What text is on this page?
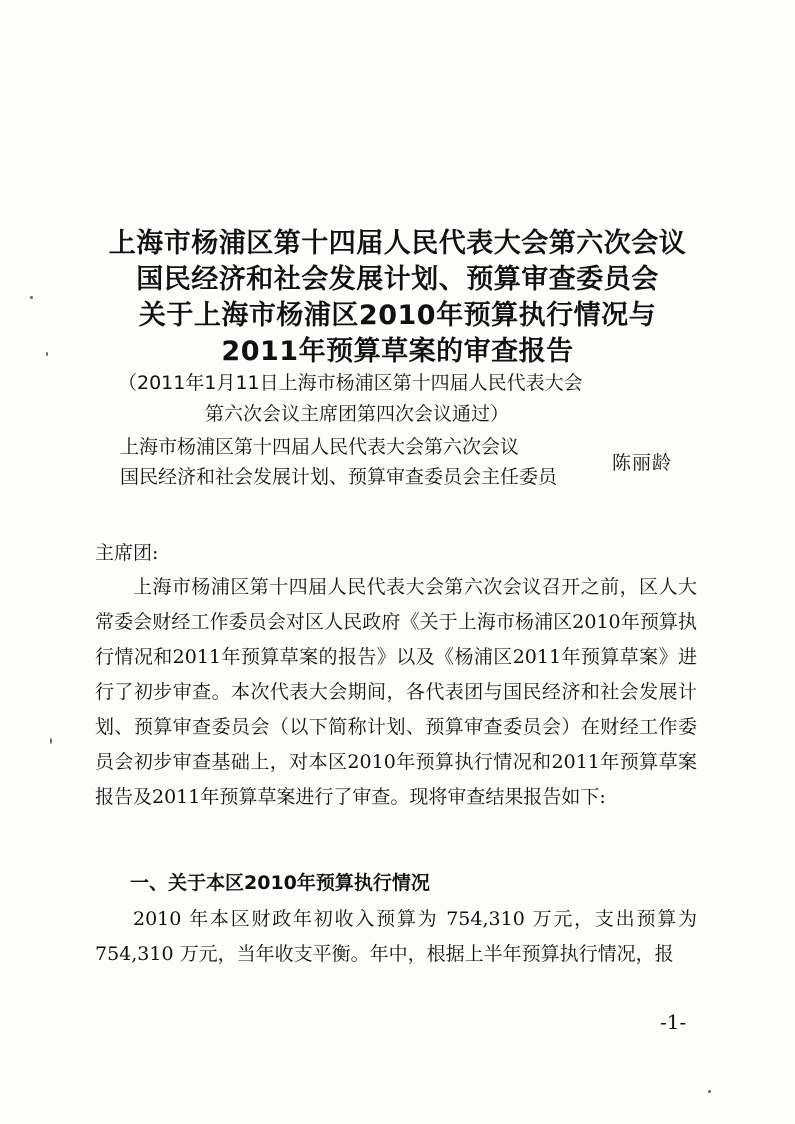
上海市杨浦区第十四届人民代表大会第六次会议
国民经济和社会发展计划、预算审查委员会
关于上海市杨浦区2010年预算执行情况与
2011年预算草案的审查报告
（2011年1月11日上海市杨浦区第十四届人民代表大会
第六次会议主席团第四次会议通过）
上海市杨浦区第十四届人民代表大会第六次会议
国民经济和社会发展计划、预算审查委员会主任委员
陈丽龄
主席团:
上海市杨浦区第十四届人民代表大会第六次会议召开之前，区人大常委会财经工作委员会对区人民政府《关于上海市杨浦区2010年预算执行情况和2011年预算草案的报告》以及《杨浦区2011年预算草案》进行了初步审查。本次代表大会期间，各代表团与国民经济和社会发展计划、预算审查委员会（以下简称计划、预算审查委员会）在财经工作委员会初步审查基础上，对本区2010年预算执行情况和2011年预算草案报告及2011年预算草案进行了审查。现将审查结果报告如下:
一、关于本区2010年预算执行情况
2010 年本区财政年初收入预算为 754,310 万元，支出预算为 754,310 万元，当年收支平衡。年中，根据上半年预算执行情况，报
-1-
